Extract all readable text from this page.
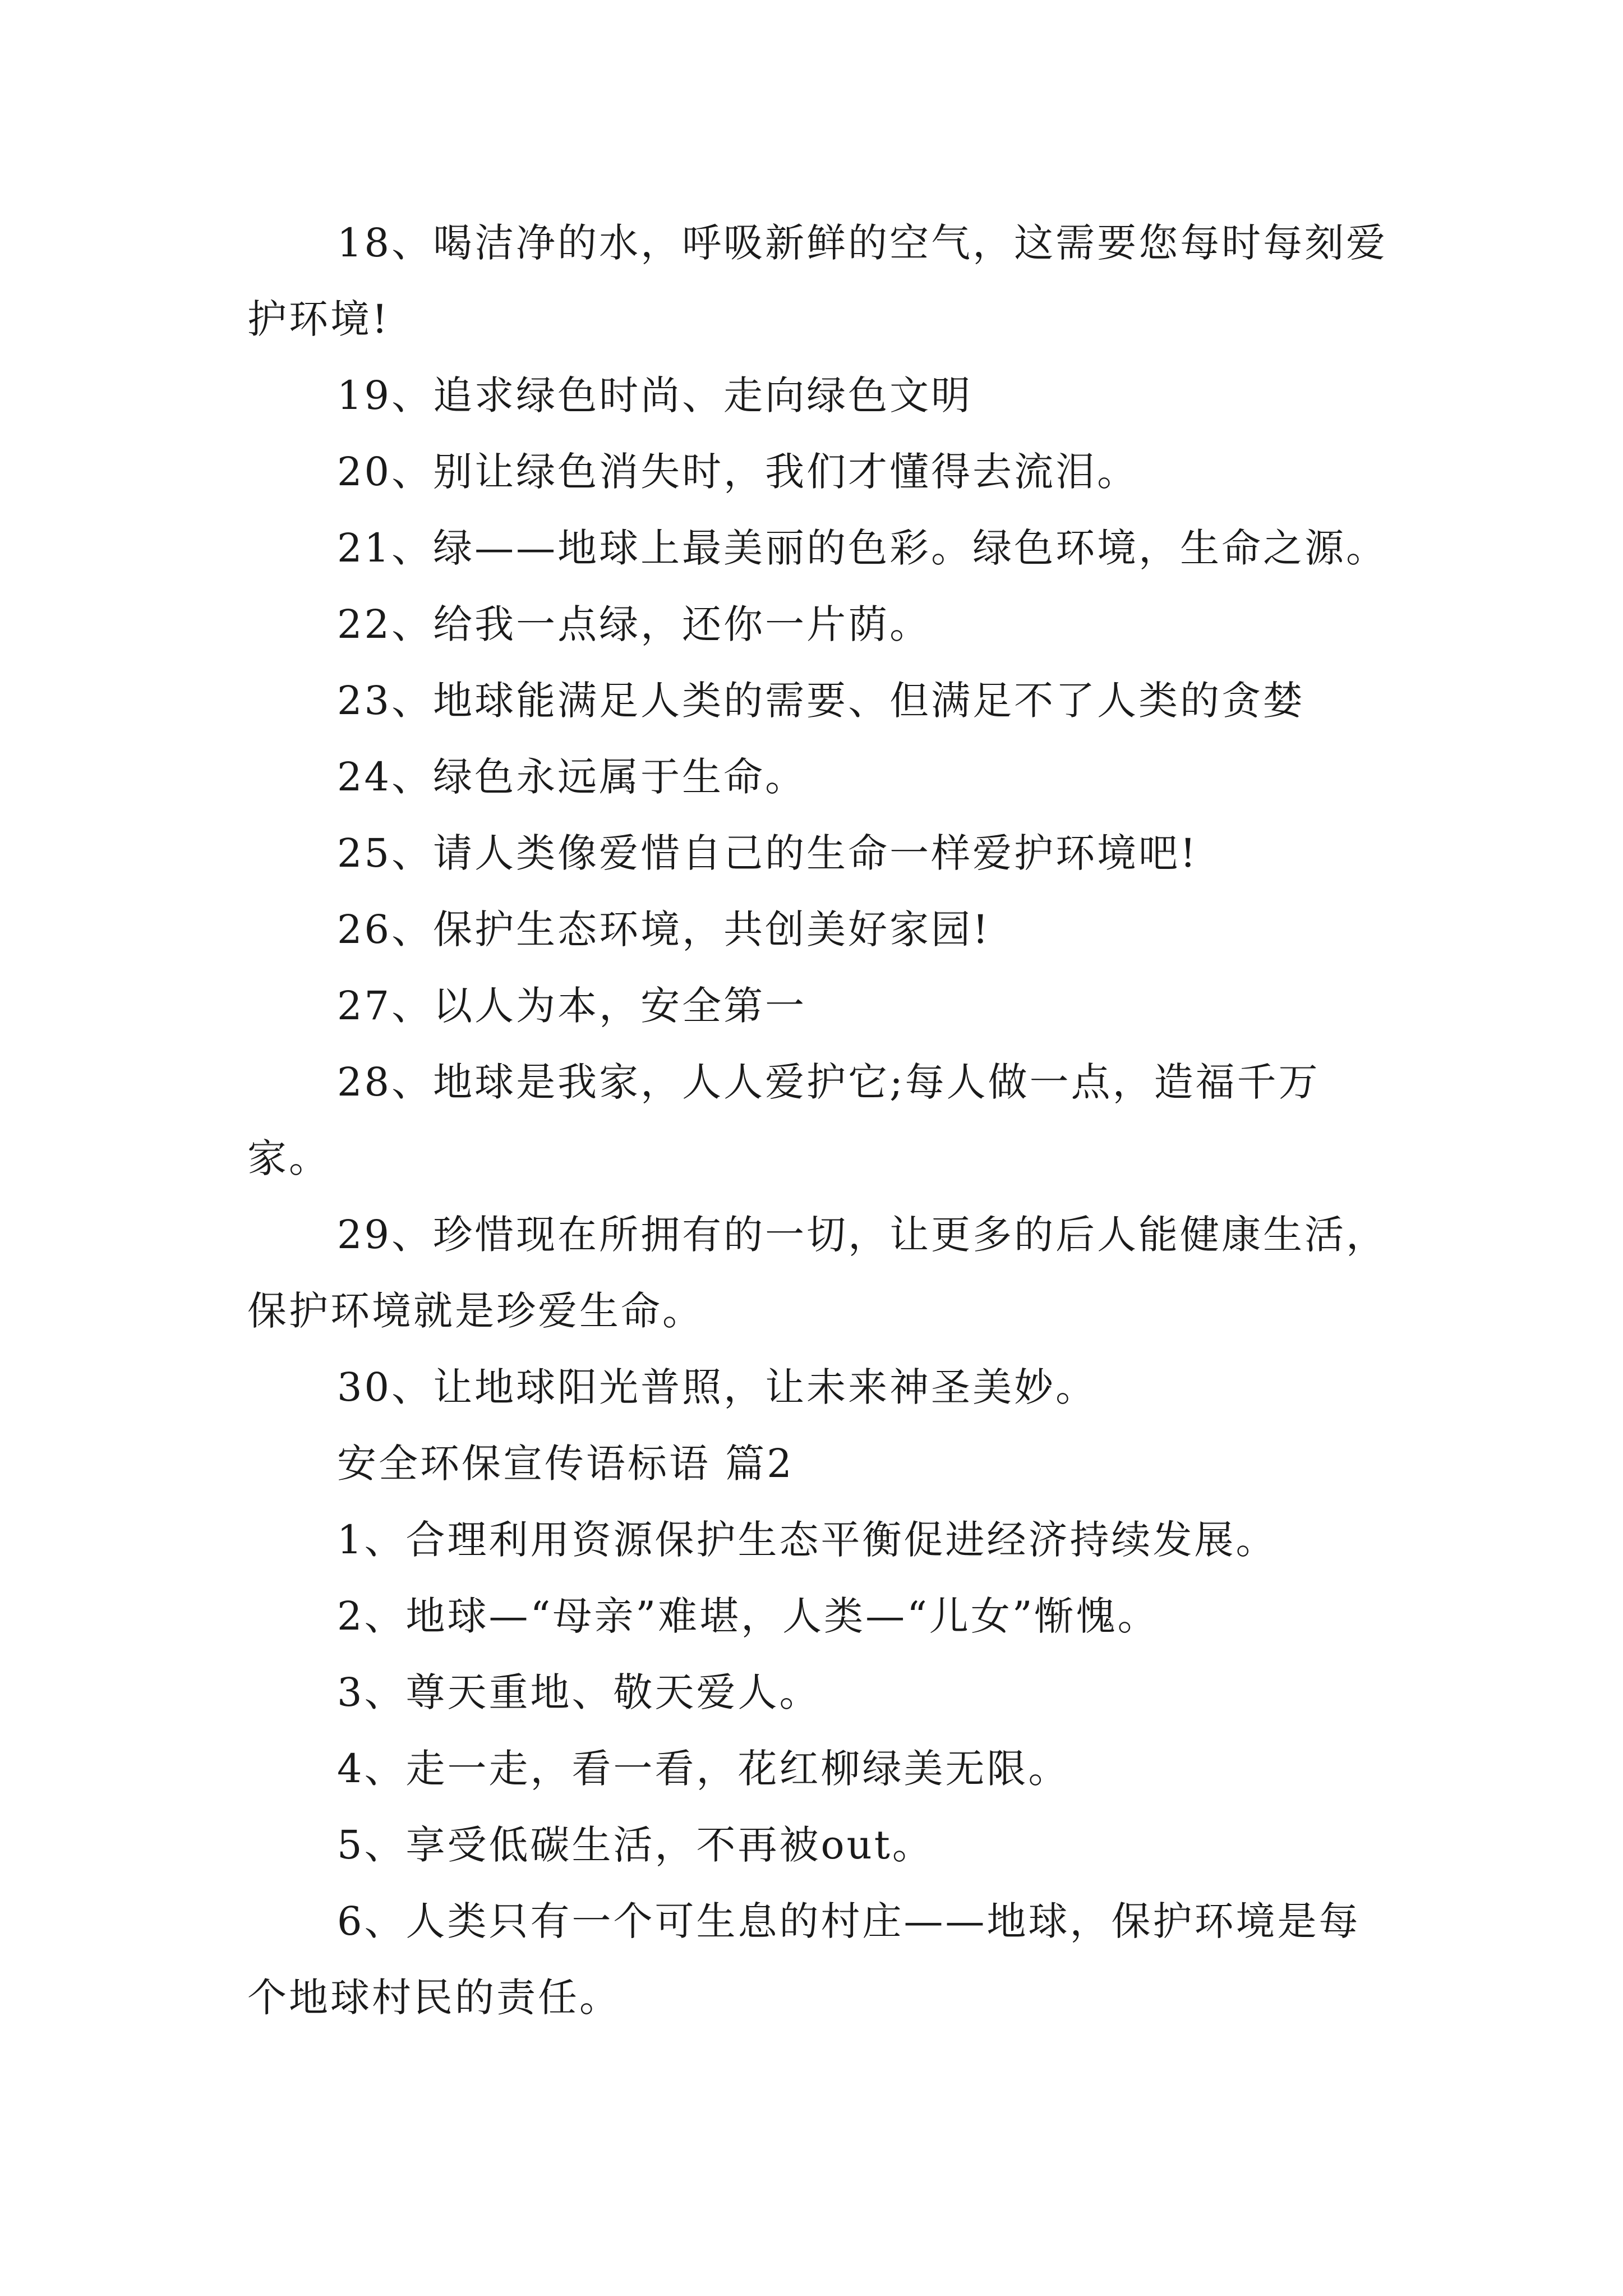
18、喝洁净的水，呼吸新鲜的空气，这需要您每时每刻爱护环境!

19、追求绿色时尚、走向绿色文明

20、别让绿色消失时，我们才懂得去流泪。

21、绿——地球上最美丽的色彩。绿色环境，生命之源。

22、给我一点绿，还你一片荫。

23、地球能满足人类的需要、但满足不了人类的贪婪

24、绿色永远属于生命。

25、请人类像爱惜自己的生命一样爱护环境吧!

26、保护生态环境，共创美好家园!

27、以人为本，安全第一

28、地球是我家，人人爱护它;每人做一点，造福千万家。

29、珍惜现在所拥有的一切，让更多的后人能健康生活，保护环境就是珍爱生命。

30、让地球阳光普照，让未来神圣美妙。

安全环保宣传语标语 篇2

1、合理利用资源保护生态平衡促进经济持续发展。

2、地球—“母亲”难堪，人类—“儿女”惭愧。

3、尊天重地、敬天爱人。

4、走一走，看一看，花红柳绿美无限。

5、享受低碳生活，不再被out。

6、人类只有一个可生息的村庄——地球，保护环境是每个地球村民的责任。
